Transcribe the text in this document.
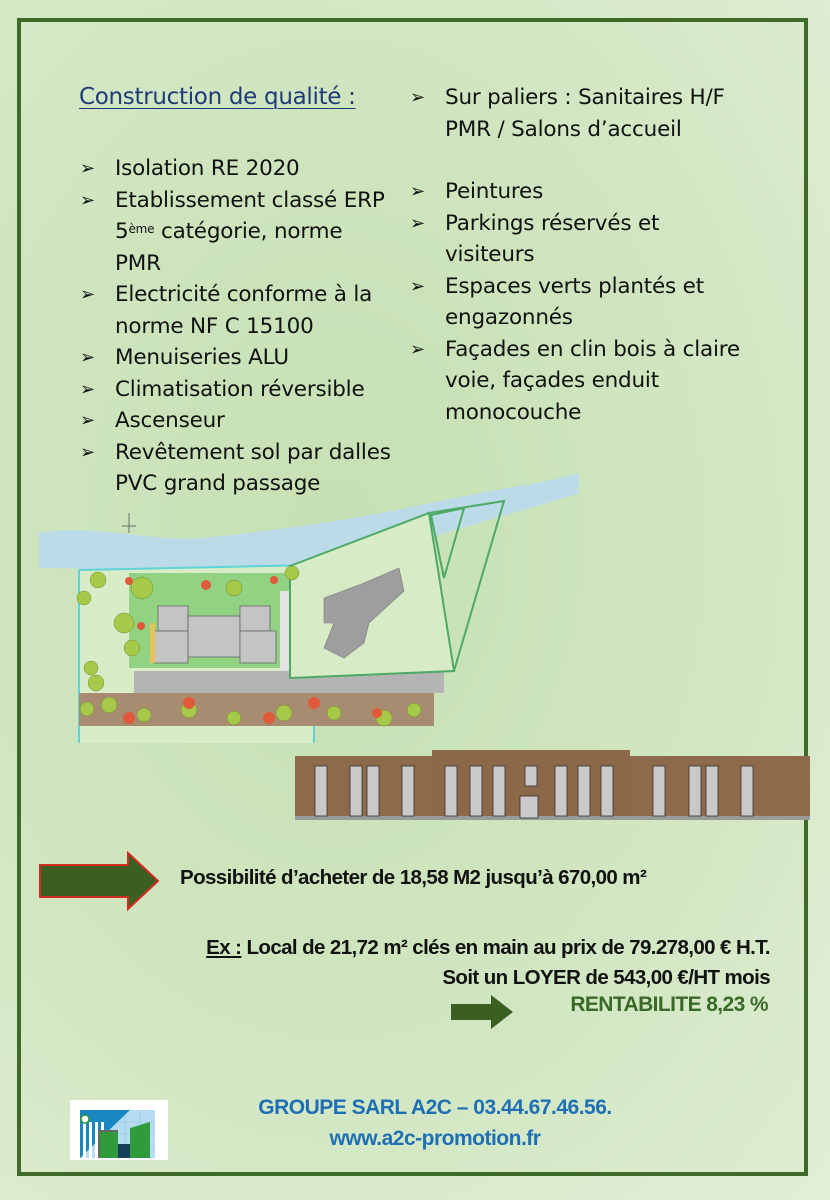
Construction de qualité :
➢ Isolation RE 2020
➢ Etablissement classé ERP
5ème catégorie, norme
PMR
➢ Electricité conforme à la norme NF C 15100
➢ Menuiseries ALU
➢ Climatisation réversible
➢ Ascenseur
➢ Revêtement sol par dalles PVC grand passage
➢ Sur paliers : Sanitaires H/F PMR / Salons d’accueil
➢ Peintures
➢ Parkings réservés et visiteurs
➢ Espaces verts plantés et engazonnés
➢ Façades en clin bois à claire voie, façades enduit monocouche
Possibilité d’acheter de 18,58 M2 jusqu’à 670,00 m²
Ex : Local de 21,72 m² clés en main au prix de 79.278,00 € H.T.
Soit un LOYER de 543,00 €/HT mois
RENTABILITE 8,23 %
GROUPE SARL A2C – 03.44.67.46.56.
www.a2c-promotion.fr
